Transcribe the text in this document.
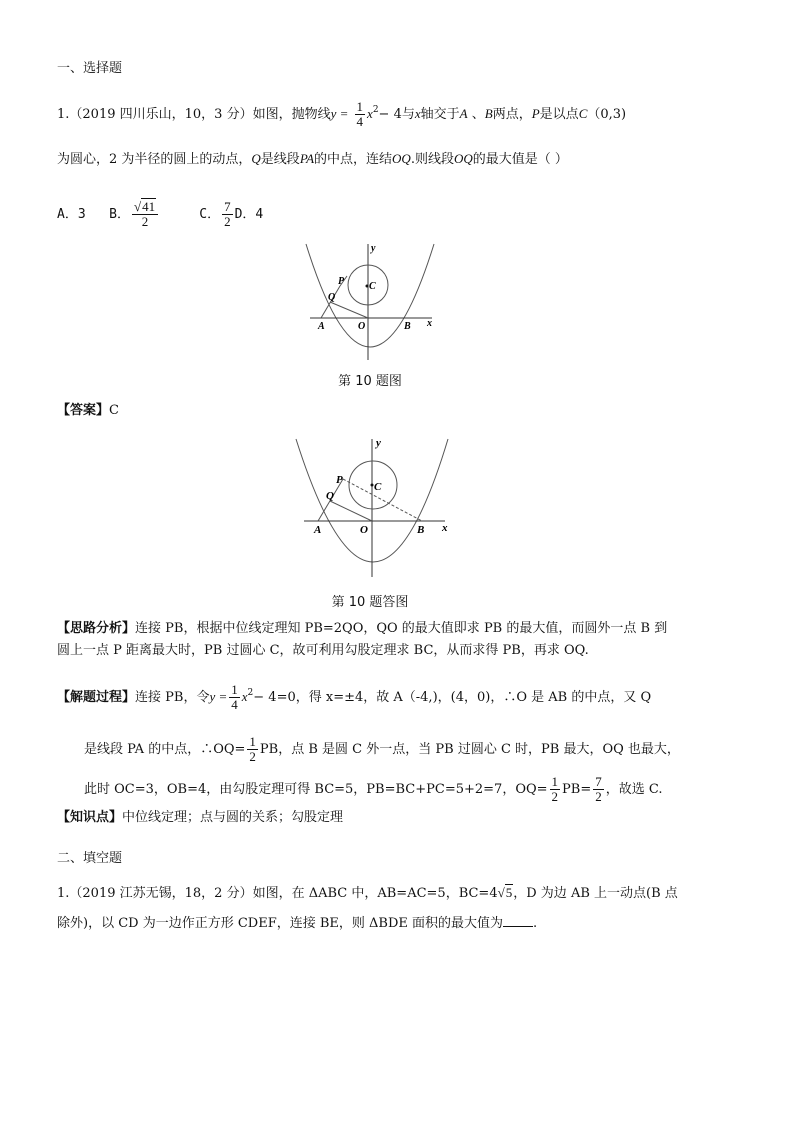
一、选择题
1.（2019 四川乐山，10，3 分）如图，抛物线$y = \frac{1}{4} x^2- 4$与x轴交于A 、B两点，P是以点C（0,3)
为圆心，2 为半径的圆上的动点，Q是线段PA的中点，连结OQ.则线段OQ的最大值是（ ）
A．3 B． $\frac{√41}{2}$	C． $\frac{7}{2}$ D．4
y
x
P
Q
C
A	O	B
第 10 题图
【答案】C
y
x
P
Q
C
A	O	B
第 10 题答图
【思路分析】连接 PB，根据中位线定理知 PB=2QO，QO 的最大值即求 PB 的最大值，而圆外一点 B 到
圆上一点 P 距离最大时，PB 过圆心 C，故可利用勾股定理求 BC，从而求得 PB，再求 OQ.
【解题过程】连接 PB，令$y = \frac{1}{4} x^2- 4=0$，得 x=±4，故 A（-4,)，(4，0)，∴O 是 AB 的中点，又 Q
是线段 PA 的中点，∴OQ= $\frac{1}{2}$ PB，点 B 是圆 C 外一点，当 PB 过圆心 C 时，PB 最大，OQ 也最大，
此时 OC=3，OB=4，由勾股定理可得 BC=5，PB=BC+PC=5+2=7，$OQ= \frac{1}{2} PB= \frac{7}{2}$ ，故选 C.
【知识点】中位线定理；点与圆的关系；勾股定理
二、填空题
1.（2019 江苏无锡，18，2 分）如图，在 ΔABC 中，AB=AC=5，BC=4√5，D 为边 AB 上一动点(B 点
除外)，以 CD 为一边作正方形 CDEF，连接 BE，则 ΔBDE 面积的最大值为 .
